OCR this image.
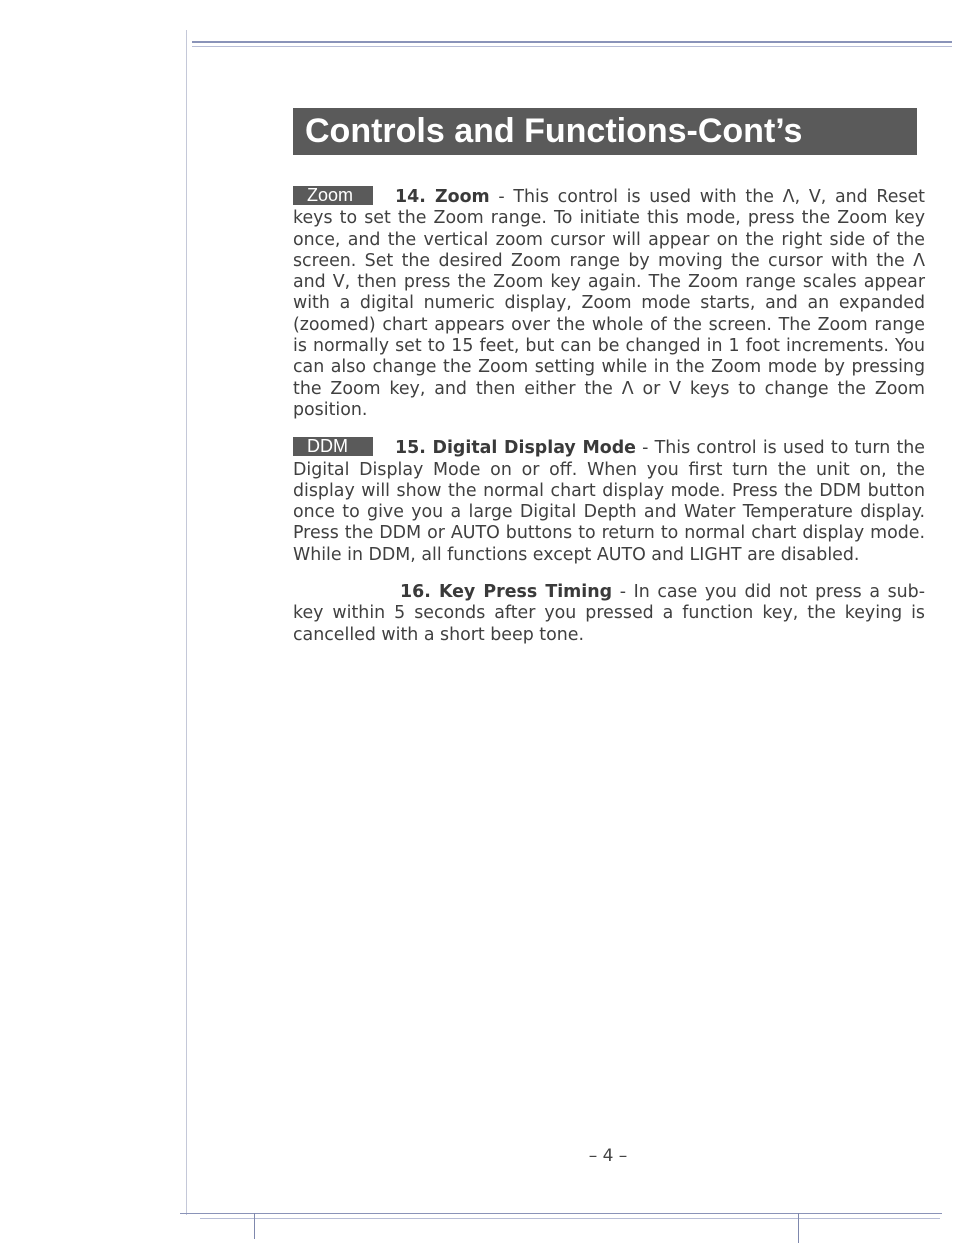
Controls and Functions-Cont’s

Zoom 14. Zoom - This control is used with the Λ, V, and Reset keys to set the Zoom range. To initiate this mode, press the Zoom key once, and the vertical zoom cursor will appear on the right side of the screen. Set the desired Zoom range by moving the cursor with the Λ and V, then press the Zoom key again. The Zoom range scales appear with a digital numeric display, Zoom mode starts, and an expanded (zoomed) chart appears over the whole of the screen. The Zoom range is normally set to 15 feet, but can be changed in 1 foot increments. You can also change the Zoom setting while in the Zoom mode by pressing the Zoom key, and then either the Λ or V keys to change the Zoom position.

DDM	15. Digital Display Mode - This control is used to turn the Digital Display Mode on or off. When you first turn the unit on, the display will show the normal chart display mode. Press the DDM button once to give you a large Digital Depth and Water Temperature display. Press the DDM or AUTO buttons to return to normal chart display mode. While in DDM, all functions except AUTO and LIGHT are disabled.

16. Key Press Timing - In case you did not press a sub-key within 5 seconds after you pressed a function key, the keying is cancelled with a short beep tone.

– 4 –
